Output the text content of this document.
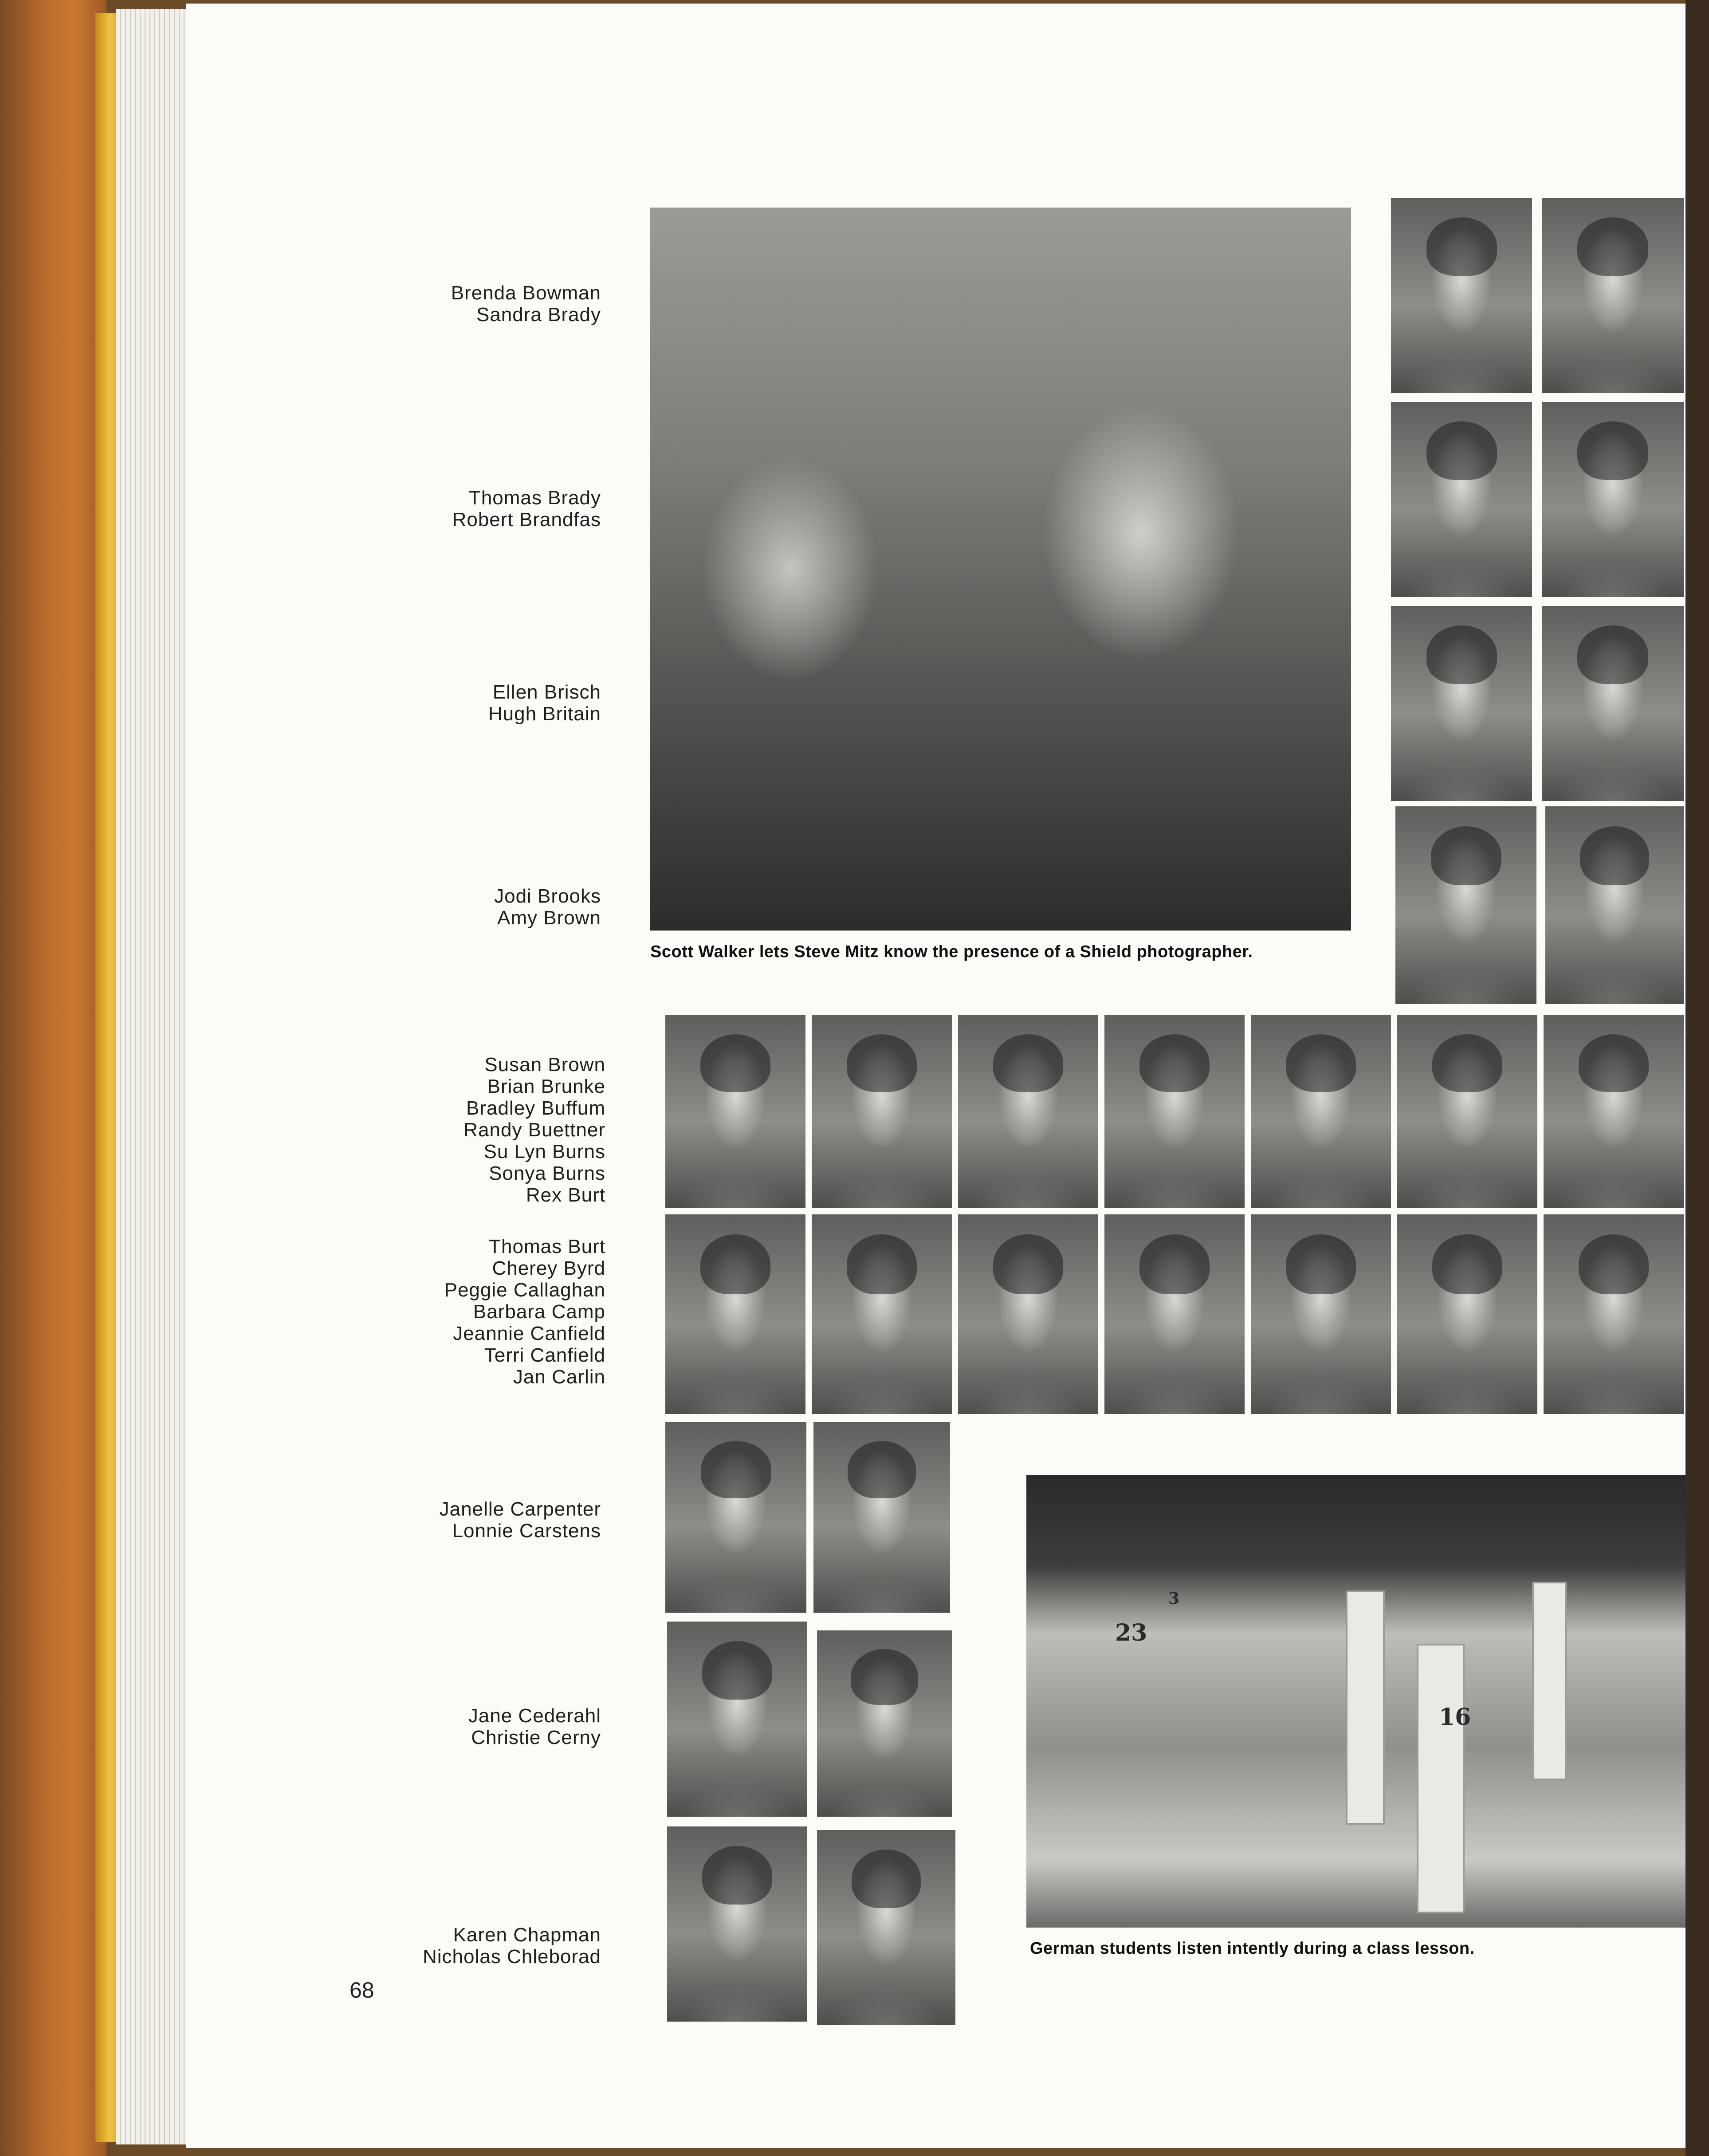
Brenda Bowman
Sandra Brady
Thomas Brady
Robert Brandfas
Ellen Brisch
Hugh Britain
Jodi Brooks
Amy Brown
Susan Brown
Brian Brunke
Bradley Buffum
Randy Buettner
Su Lyn Burns
Sonya Burns
Rex Burt
Thomas Burt
Cherey Byrd
Peggie Callaghan
Barbara Camp
Jeannie Canfield
Terri Canfield
Jan Carlin
Janelle Carpenter
Lonnie Carstens
Jane Cederahl
Christie Cerny
Karen Chapman
Nicholas Chleborad
Scott Walker lets Steve Mitz know the presence of a Shield photographer.
23
16
3
German students listen intently during a class lesson.
68
